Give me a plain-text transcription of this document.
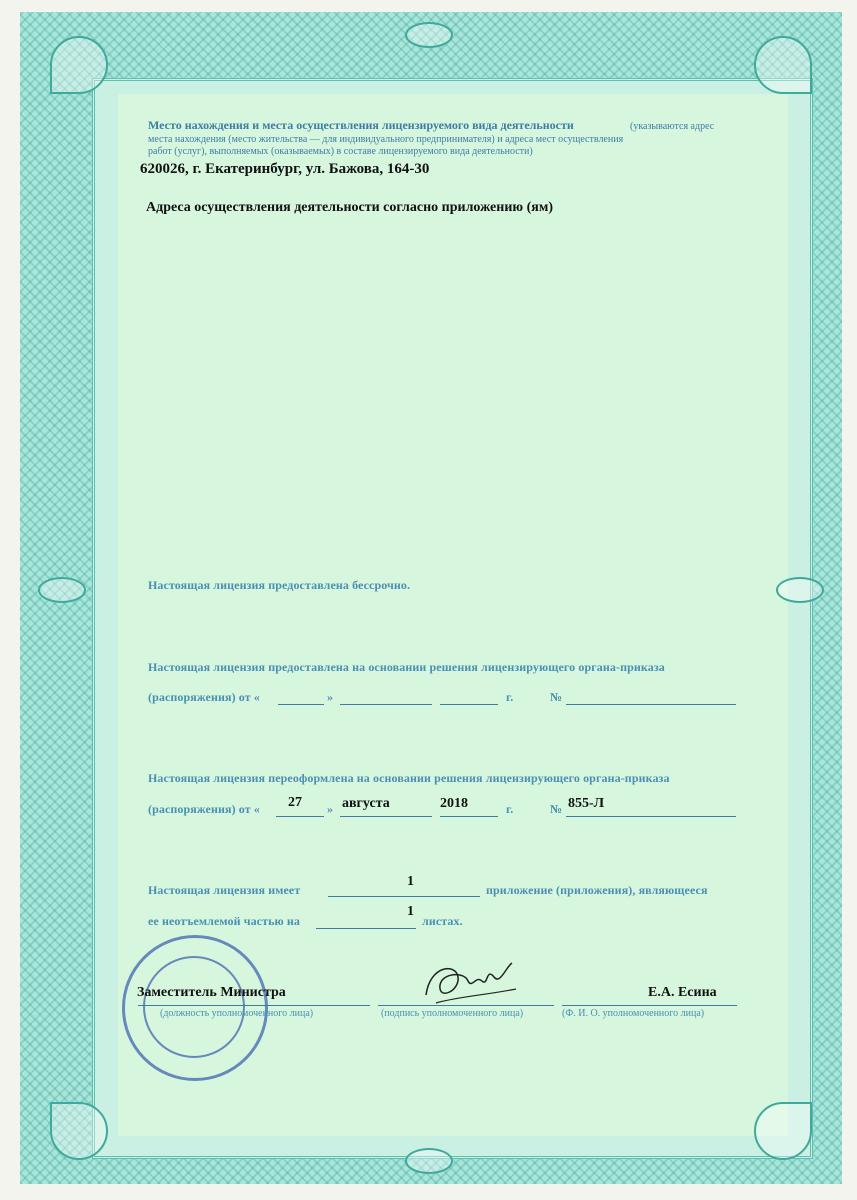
Место нахождения и места осуществления лицензируемого вида деятельности	(указываются адрес
места нахождения (место жительства — для индивидуального предпринимателя) и адреса мест осуществления
работ (услуг), выполняемых (оказываемых) в составе лицензируемого вида деятельности)
620026, г. Екатеринбург, ул. Бажова, 164-30
Адреса осуществления деятельности согласно приложению (ям)
Настоящая лицензия предоставлена бессрочно.
Настоящая лицензия предоставлена на основании решения лицензирующего органа-приказа
(распоряжения) от «	»	г.	№
Настоящая лицензия переоформлена на основании решения лицензирующего органа-приказа
(распоряжения) от « 27 » августа	2018	г.	№ 855-Л
Настоящая лицензия имеет
1
приложение (приложения), являющееся
ее неотъемлемой частью на
1
листах.
Заместитель Министра
(должность уполномоченного лица)	(подпись уполномоченного лица)
Е.А. Есина
(Ф. И. О. уполномоченного лица)
